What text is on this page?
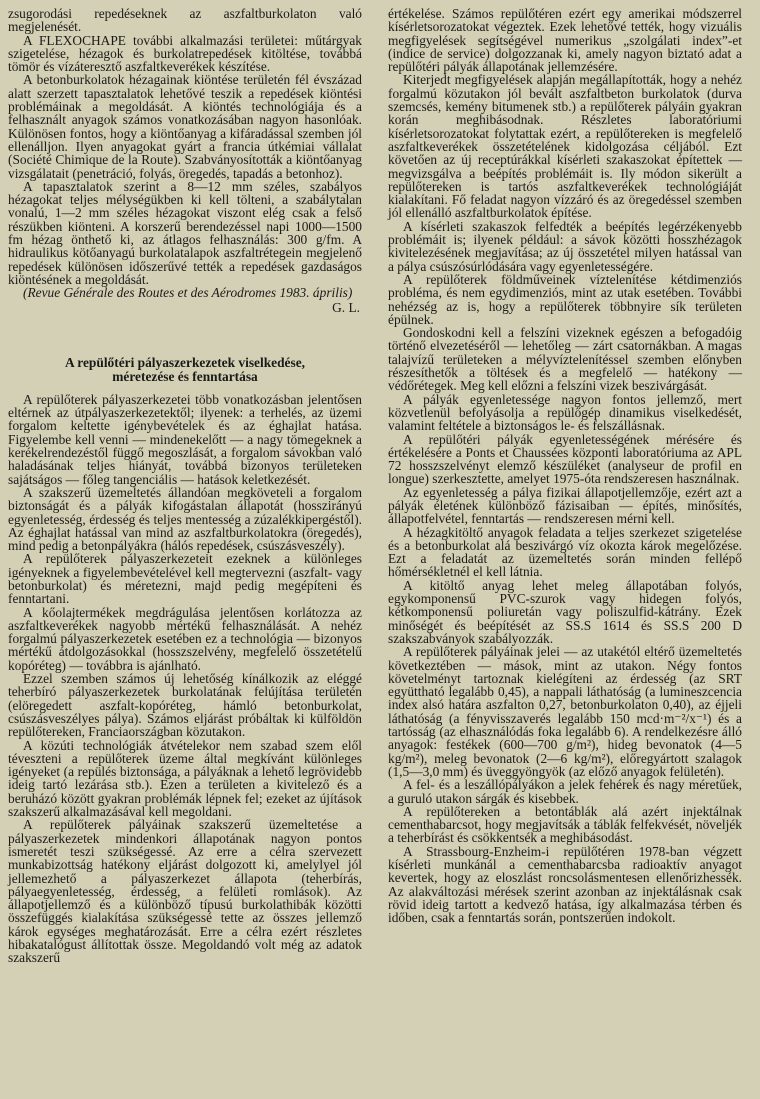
zsugorodási repedéseknek az aszfaltburkolaton való megjelenését.

A FLEXOCHAPE további alkalmazási területei: műtárgyak szigetelése, hézagok és burkolatrepedések kitöltése, továbbá tömör és vízáteresztő aszfaltkeverékek készítése.

A betonburkolatok hézagainak kiöntése területén fél évszázad alatt szerzett tapasztalatok lehetővé teszik a repedések kiöntési problémáinak a megoldását. A kiöntés technológiája és a felhasznált anyagok számos vonatkozásában nagyon hasonlóak. Különösen fontos, hogy a kiöntőanyag a kifáradással szemben jól ellenálljon. Ilyen anyagokat gyárt a francia útkémiai vállalat (Société Chimique de la Route). Szabványosították a kiöntőanyag vizsgálatait (penetráció, folyás, öregedés, tapadás a betonhoz).

A tapasztalatok szerint a 8—12 mm széles, szabályos hézagokat teljes mélységükben ki kell tölteni, a szabálytalan vonalú, 1—2 mm széles hézagokat viszont elég csak a felső részükben kiönteni. A korszerű berendezéssel napi 1000—1500 fm hézag önthető ki, az átlagos felhasználás: 300 g/fm. A hidraulikus kötőanyagú burkolatalapok aszfaltrétegein megjelenő repedések különösen időszerűvé tették a repedések gazdaságos kiöntésének a megoldását.

(Revue Générale des Routes et des Aérodromes 1983. április)

G. L.
A repülőtéri pályaszerkezetek viselkedése,
méretezése és fenntartása

A repülőterek pályaszerkezetei több vonatkozásban jelentősen eltérnek az útpályaszerkezetektől; ilyenek: a terhelés, az üzemi forgalom keltette igénybevételek és az éghajlat hatása. Figyelembe kell venni — mindenekelőtt — a nagy tömegeknek a kerékelrendezéstől függő megoszlását, a forgalom sávokban való haladásának teljes hiányát, továbbá bizonyos területeken sajátságos — főleg tangenciális — hatások keletkezését.

A szakszerű üzemeltetés állandóan megköveteli a forgalom biztonságát és a pályák kifogástalan állapotát (hosszirányú egyenletesség, érdesség és teljes mentesség a zúzalékkipergéstől). Az éghajlat hatással van mind az aszfaltburkolatokra (öregedés), mind pedig a betonpályákra (hálós repedések, csúszásveszély).

A repülőterek pályaszerkezeteit ezeknek a különleges igényeknek a figyelembevételével kell megtervezni (aszfalt- vagy betonburkolat) és méretezni, majd pedig megépíteni és fenntartani.

A kőolajtermékek megdrágulása jelentősen korlátozza az aszfaltkeverékek nagyobb mértékű felhasználását. A nehéz forgalmú pályaszerkezetek esetében ez a technológia — bizonyos mértékű átdolgozásokkal (hosszszelvény, megfelelő összetételű kopóréteg) — továbbra is ajánlható.

Ezzel szemben számos új lehetőség kínálkozik az eléggé teherbíró pályaszerkezetek burkolatának felújítása területén (elöregedett aszfalt-kopóréteg, hámló betonburkolat, csúszásveszélyes pálya). Számos eljárást próbáltak ki külföldön repülőtereken, Franciaországban közutakon.

A közúti technológiák átvételekor nem szabad szem elől téveszteni a repülőterek üzeme által megkívánt különleges igényeket (a repülés biztonsága, a pályáknak a lehető legrövidebb ideig tartó lezárása stb.). Ezen a területen a kivitelező és a beruházó között gyakran problémák lépnek fel; ezeket az újítások szakszerű alkalmazásával kell megoldani.

A repülőterek pályáinak szakszerű üzemeltetése a pályaszerkezetek mindenkori állapotának nagyon pontos ismeretét teszi szükségessé. Az erre a célra szervezett munkabizottság hatékony eljárást dolgozott ki, amelylyel jól jellemezhető a pályaszerkezet állapota (teherbírás, pályaegyenletesség, érdesség, a felületi romlások). Az állapotjellemző és a különböző típusú burkolathibák közötti összefüggés kialakítása szükségessé tette az összes jellemző károk egységes meghatározását. Erre a célra ezért részletes hibakatalógust állítottak össze. Megoldandó volt még az adatok szakszerű

értékelése. Számos repülőtéren ezért egy amerikai módszerrel kísérletsorozatokat végeztek. Ezek lehetővé tették, hogy vizuális megfigyelések segítségével numerikus „szolgálati index”-et (indice de service) dolgozzanak ki, amely nagyon biztató adat a repülőtéri pályák állapotának jellemzésére.

Kiterjedt megfigyelések alapján megállapították, hogy a nehéz forgalmú közutakon jól bevált aszfaltbeton burkolatok (durva szemcsés, kemény bitumenek stb.) a repülőterek pályáin gyakran korán meghibásodnak. Részletes laboratóriumi kísérletsorozatokat folytattak ezért, a repülőtereken is megfelelő aszfaltkeverékek összetételének kidolgozása céljából. Ezt követően az új receptúrákkal kísérleti szakaszokat építettek — megvizsgálva a beépítés problémáit is. Ily módon sikerült a repülőtereken is tartós aszfaltkeverékek technológiáját kialakítani. Fő feladat nagyon vízzáró és az öregedéssel szemben jól ellenálló aszfaltburkolatok építése.

A kísérleti szakaszok felfedték a beépítés legérzékenyebb problémáit is; ilyenek például: a sávok közötti hosszhézagok kivitelezésének megjavítása; az új összetétel milyen hatással van a pálya csúszósúrlódására vagy egyenletességére.

A repülőterek földműveinek víztelenítése kétdimenziós probléma, és nem egydimenziós, mint az utak esetében. További nehézség az is, hogy a repülőterek többnyire sík területen épülnek.

Gondoskodni kell a felszíni vizeknek egészen a befogadóig történő elvezetéséről — lehetőleg — zárt csatornákban. A magas talajvízű területeken a mélyvíztelenítéssel szemben előnyben részesíthetők a töltések és a megfelelő — hatékony — védőrétegek. Meg kell előzni a felszíni vizek beszivárgását.

A pályák egyenletessége nagyon fontos jellemző, mert közvetlenül befolyásolja a repülőgép dinamikus viselkedését, valamint feltétele a biztonságos le- és felszállásnak.

A repülőtéri pályák egyenletességének mérésére és értékelésére a Ponts et Chaussées központi laboratóriuma az APL 72 hosszszelvényt elemző készüléket (analyseur de profil en longue) szerkesztette, amelyet 1975-óta rendszeresen használnak.

Az egyenletesség a pálya fizikai állapotjellemzője, ezért azt a pályák életének különböző fázisaiban — építés, minősítés, állapotfelvétel, fenntartás — rendszeresen mérni kell.

A hézagkitöltő anyagok feladata a teljes szerkezet szigetelése és a betonburkolat alá beszivárgó víz okozta károk megelőzése. Ezt a feladatát az üzemeltetés során minden fellépő hőmérsékletnél el kell látnia.

A kitöltő anyag lehet meleg állapotában folyós, egykomponensű PVC-szurok vagy hidegen folyós, kétkomponensű poliuretán vagy poliszulfid-kátrány. Ezek minőségét és beépítését az SS.S 1614 és SS.S 200 D szakszabványok szabályozzák.

A repülőterek pályáinak jelei — az utakétól eltérő üzemeltetés következtében — mások, mint az utakon. Négy fontos követelményt tartoznak kielégíteni az érdesség (az SRT együttható legalább 0,45), a nappali láthatóság (a lumineszcencia index alsó határa aszfalton 0,27, betonburkolaton 0,40), az éjjeli láthatóság (a fényvisszaverés legalább 150 mcd·m⁻²/x⁻¹) és a tartósság (az elhasználódás foka legalább 6). A rendelkezésre álló anyagok: festékek (600—700 g/m²), hideg bevonatok (4—5 kg/m²), meleg bevonatok (2—6 kg/m²), előregyártott szalagok (1,5—3,0 mm) és üveggyöngyök (az előző anyagok felületén).

A fel- és a leszállópályákon a jelek fehérek és nagy méretűek, a guruló utakon sárgák és kisebbek.

A repülőtereken a betontáblák alá azért injektálnak cementhabarcsot, hogy megjavítsák a táblák felfekvését, növeljék a teherbírást és csökkentsék a meghibásodást.

A Strassbourg-Enzheim-i repülőtéren 1978-ban végzett kísérleti munkánál a cementhabarcsba radioaktív anyagot kevertek, hogy az eloszlást roncsolásmentesen ellenőrizhessék. Az alakváltozási mérések szerint azonban az injektálásnak csak rövid ideig tartott a kedvező hatása, így alkalmazása térben és időben, csak a fenntartás során, pontszerűen indokolt.
